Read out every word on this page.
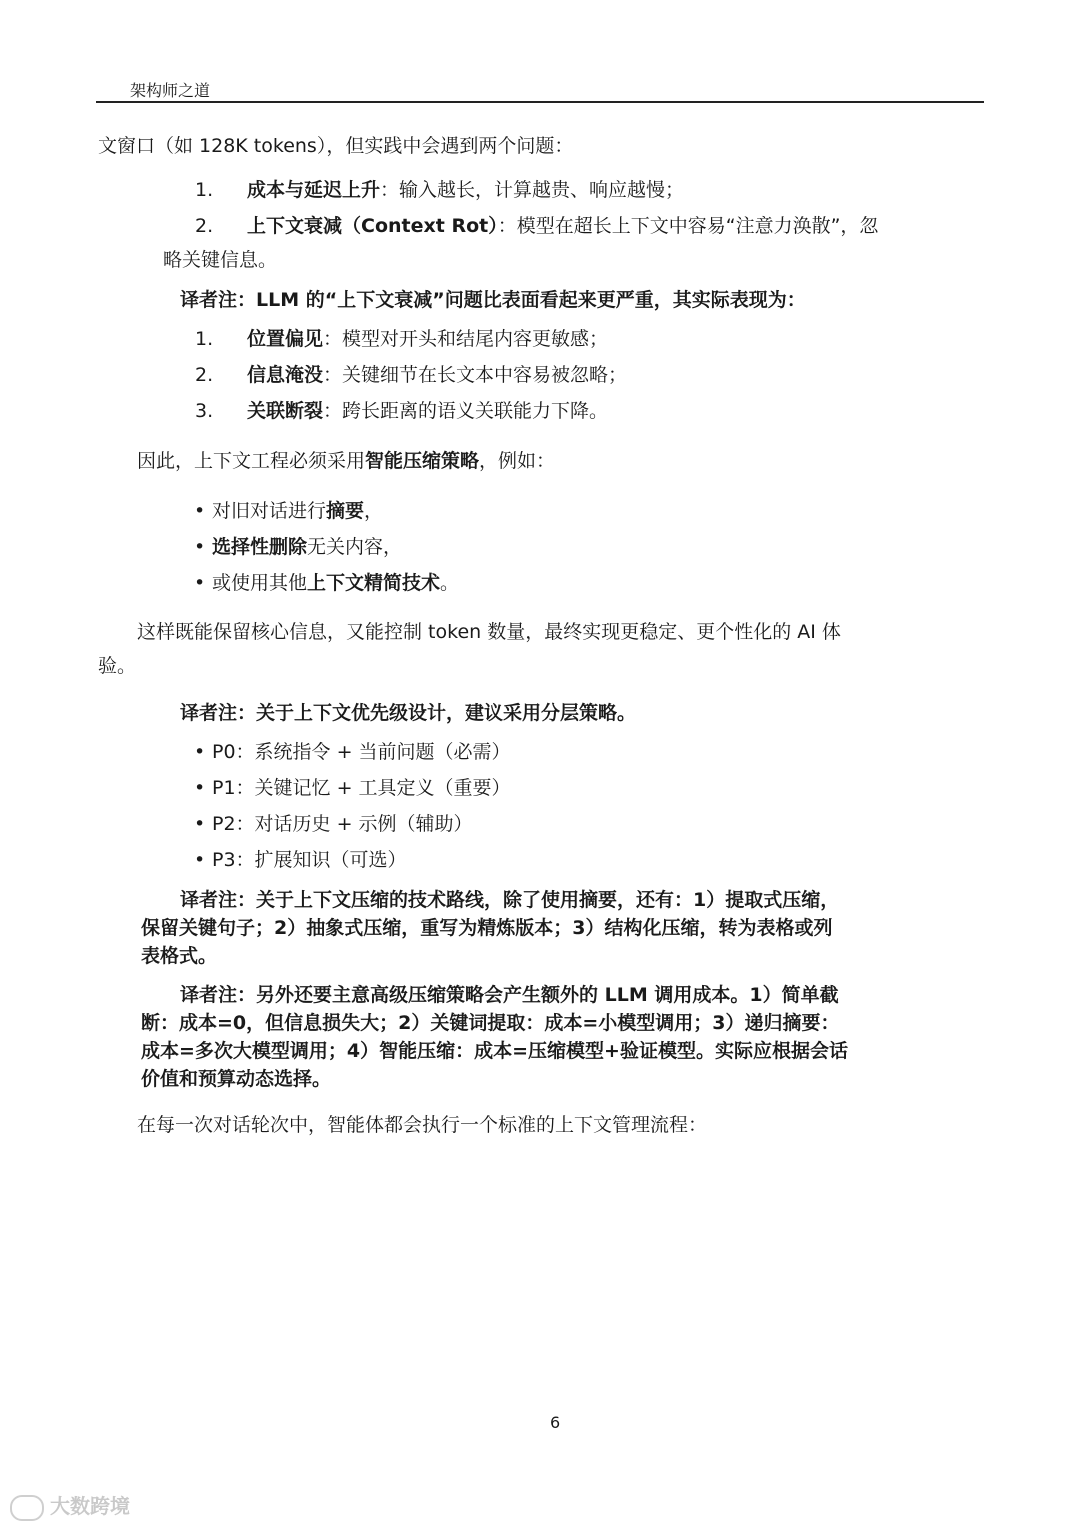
架构师之道
文窗口（如 128K tokens），但实践中会遇到两个问题：
1. 成本与延迟上升：输入越长，计算越贵、响应越慢；
2. 上下文衰减（Context Rot）：模型在超长上下文中容易“注意力涣散”，忽
略关键信息。
译者注：LLM 的“上下文衰减”问题比表面看起来更严重，其实际表现为：
1. 位置偏见：模型对开头和结尾内容更敏感；
2. 信息淹没：关键细节在长文本中容易被忽略；
3. 关联断裂：跨长距离的语义关联能力下降。
因此，上下文工程必须采用智能压缩策略，例如：
• 对旧对话进行摘要，
• 选择性删除无关内容，
• 或使用其他上下文精简技术。
这样既能保留核心信息，又能控制 token 数量，最终实现更稳定、更个性化的 AI 体
验。
译者注：关于上下文优先级设计，建议采用分层策略。
• P0：系统指令 + 当前问题（必需）
• P1：关键记忆 + 工具定义（重要）
• P2：对话历史 + 示例（辅助）
• P3：扩展知识（可选）
译者注：关于上下文压缩的技术路线，除了使用摘要，还有：1）提取式压缩，
保留关键句子；2）抽象式压缩，重写为精炼版本；3）结构化压缩，转为表格或列
表格式。
译者注：另外还要主意高级压缩策略会产生额外的 LLM 调用成本。1）简单截
断：成本=0，但信息损失大；2）关键词提取：成本=小模型调用；3）递归摘要：
成本=多次大模型调用；4）智能压缩：成本=压缩模型+验证模型。实际应根据会话
价值和预算动态选择。
在每一次对话轮次中，智能体都会执行一个标准的上下文管理流程：
6
大数跨境
